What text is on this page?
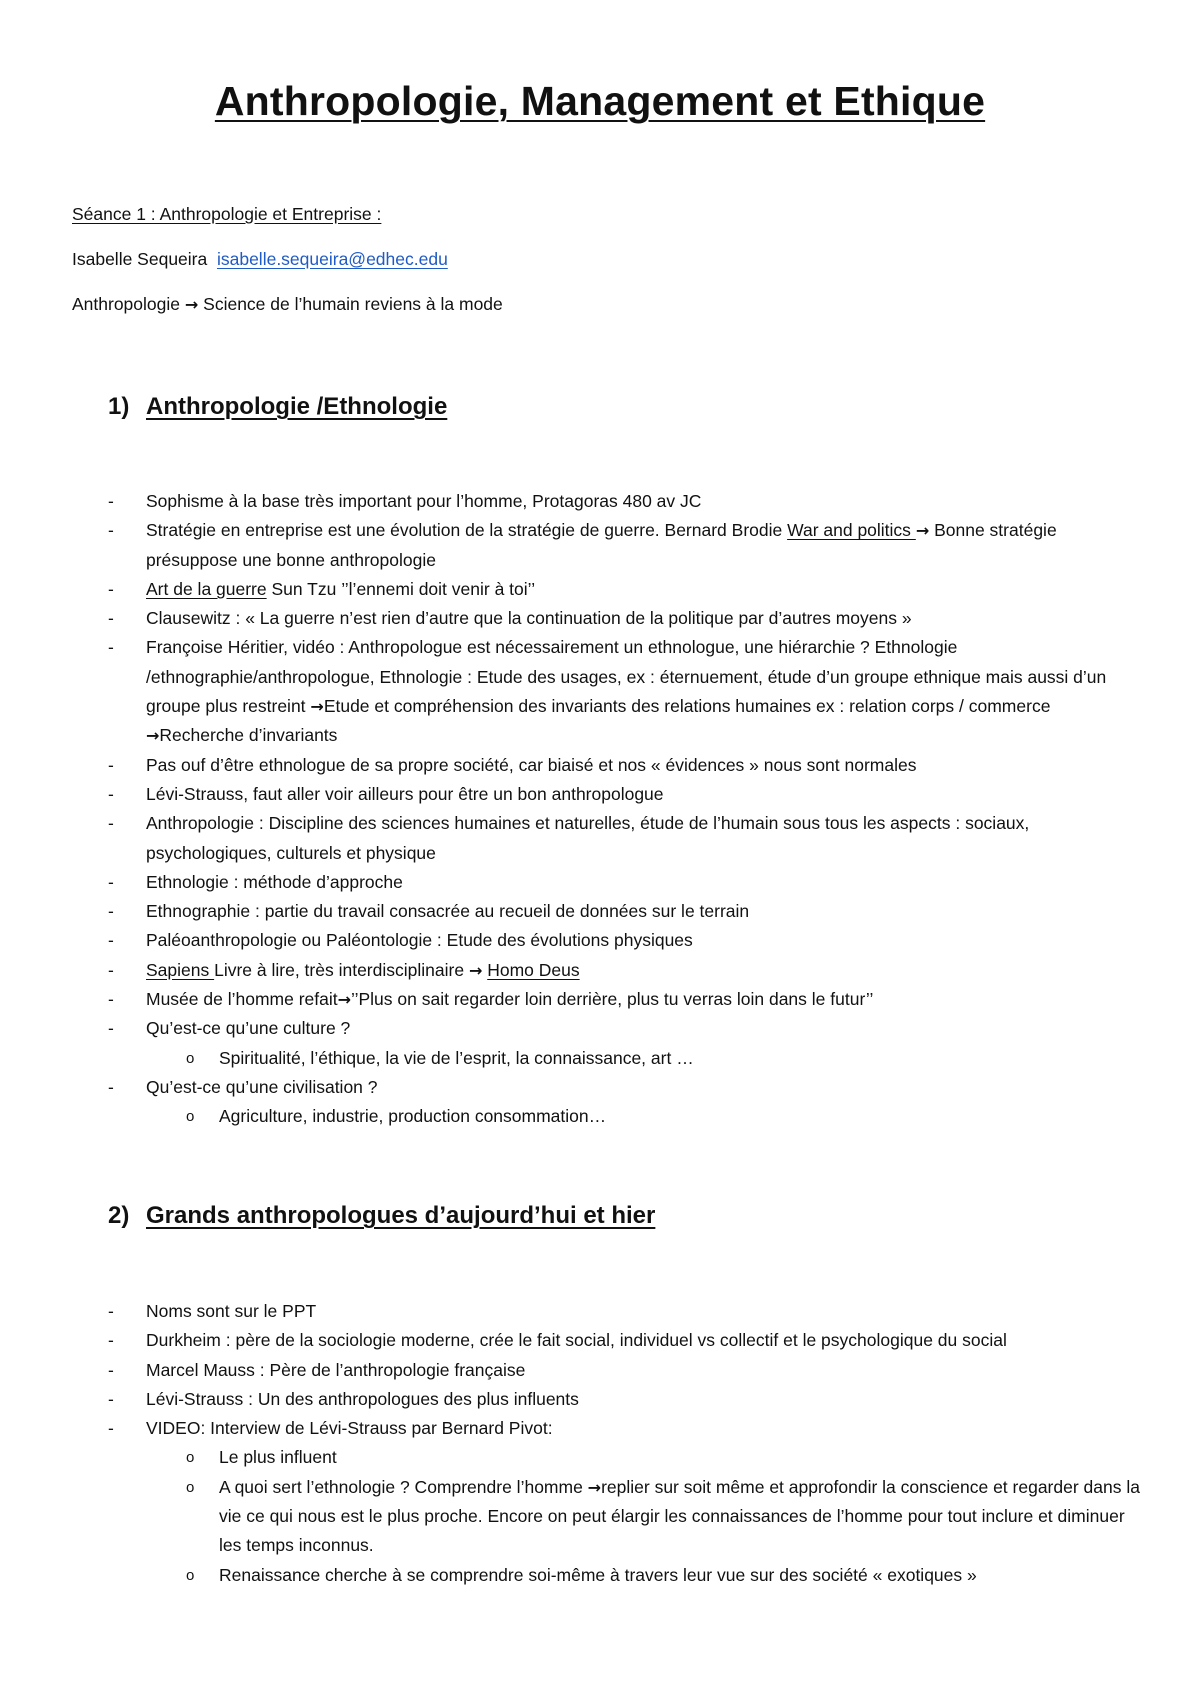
Anthropologie, Management et Ethique
Séance 1 : Anthropologie et Entreprise :
Isabelle Sequeira isabelle.sequeira@edhec.edu
Anthropologie → Science de l’humain reviens à la mode
1) Anthropologie /Ethnologie
- Sophisme à la base très important pour l’homme, Protagoras 480 av JC
- Stratégie en entreprise est une évolution de la stratégie de guerre. Bernard Brodie War and politics → Bonne stratégie présuppose une bonne anthropologie
- Art de la guerre Sun Tzu ’’l’ennemi doit venir à toi’’
- Clausewitz : « La guerre n’est rien d’autre que la continuation de la politique par d’autres moyens »
- Françoise Héritier, vidéo : Anthropologue est nécessairement un ethnologue, une hiérarchie ? Ethnologie /ethnographie/anthropologue, Ethnologie : Etude des usages, ex : éternuement, étude d’un groupe ethnique mais aussi d’un groupe plus restreint →Etude et compréhension des invariants des relations humaines ex : relation corps / commerce →Recherche d’invariants
- Pas ouf d’être ethnologue de sa propre société, car biaisé et nos « évidences » nous sont normales
- Lévi-Strauss, faut aller voir ailleurs pour être un bon anthropologue
- Anthropologie : Discipline des sciences humaines et naturelles, étude de l’humain sous tous les aspects : sociaux, psychologiques, culturels et physique
- Ethnologie : méthode d’approche
- Ethnographie : partie du travail consacrée au recueil de données sur le terrain
- Paléoanthropologie ou Paléontologie : Etude des évolutions physiques
- Sapiens Livre à lire, très interdisciplinaire → Homo Deus
- Musée de l’homme refait→’’Plus on sait regarder loin derrière, plus tu verras loin dans le futur’’
- Qu’est-ce qu’une culture ?
o Spiritualité, l’éthique, la vie de l’esprit, la connaissance, art …
- Qu’est-ce qu’une civilisation ?
o Agriculture, industrie, production consommation…
2) Grands anthropologues d’aujourd’hui et hier
- Noms sont sur le PPT
- Durkheim : père de la sociologie moderne, crée le fait social, individuel vs collectif et le psychologique du social
- Marcel Mauss : Père de l’anthropologie française
- Lévi-Strauss : Un des anthropologues des plus influents
- VIDEO: Interview de Lévi-Strauss par Bernard Pivot:
o Le plus influent
o A quoi sert l’ethnologie ? Comprendre l’homme →replier sur soit même et approfondir la conscience et regarder dans la vie ce qui nous est le plus proche. Encore on peut élargir les connaissances de l’homme pour tout inclure et diminuer les temps inconnus.
o Renaissance cherche à se comprendre soi-même à travers leur vue sur des société « exotiques »
